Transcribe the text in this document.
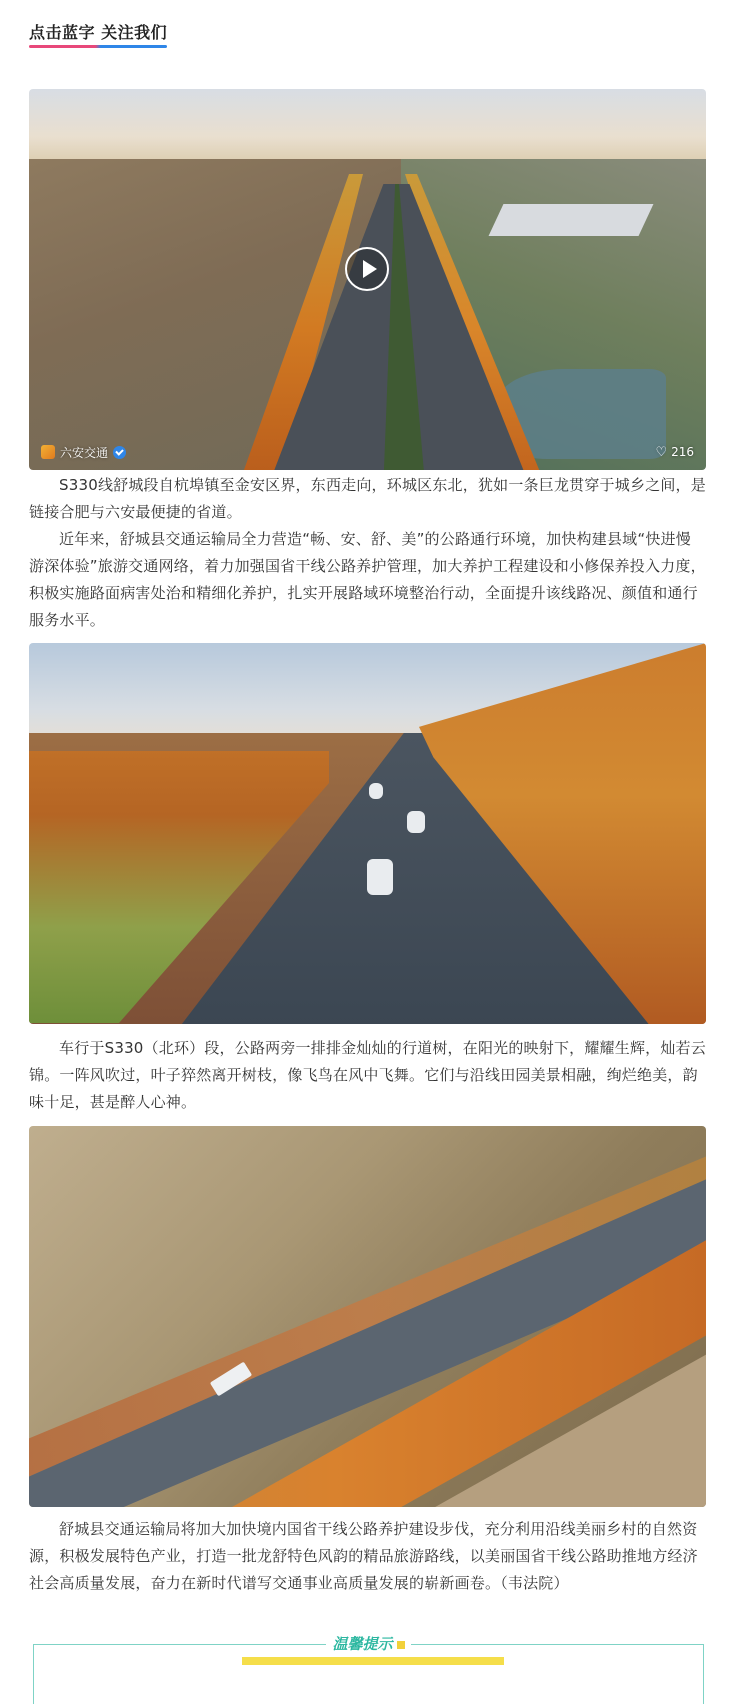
点击蓝字 关注我们
六安交通	♡ 216

S330线舒城段自杭埠镇至金安区界，东西走向，环城区东北，犹如一条巨龙贯穿于城乡之间，是链接合肥与六安最便捷的省道。

近年来，舒城县交通运输局全力营造“畅、安、舒、美”的公路通行环境，加快构建县域“快进慢游深体验”旅游交通网络，着力加强国省干线公路养护管理，加大养护工程建设和小修保养投入力度，积极实施路面病害处治和精细化养护，扎实开展路域环境整治行动，全面提升该线路况、颜值和通行服务水平。

车行于S330（北环）段，公路两旁一排排金灿灿的行道树，在阳光的映射下，耀耀生辉，灿若云锦。一阵风吹过，叶子猝然离开树枝，像飞鸟在风中飞舞。它们与沿线田园美景相融，绚烂绝美，韵味十足，甚是醉人心神。

舒城县交通运输局将加大加快境内国省干线公路养护建设步伐，充分利用沿线美丽乡村的自然资源，积极发展特色产业，打造一批龙舒特色风韵的精品旅游路线，以美丽国省干线公路助推地方经济社会高质量发展，奋力在新时代谱写交通事业高质量发展的崭新画卷。（韦法院）

温馨提示
